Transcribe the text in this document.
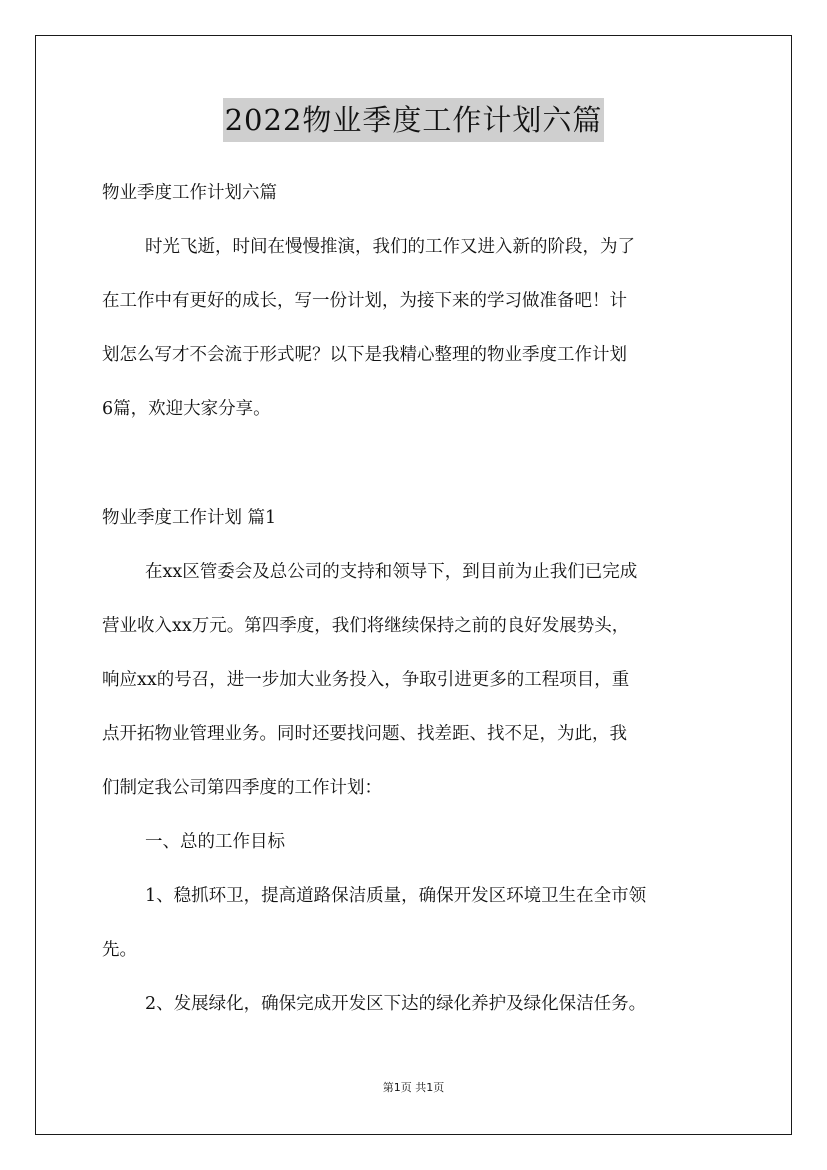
2022物业季度工作计划六篇
物业季度工作计划六篇
时光飞逝，时间在慢慢推演，我们的工作又进入新的阶段，为了
在工作中有更好的成长，写一份计划，为接下来的学习做准备吧！计
划怎么写才不会流于形式呢？以下是我精心整理的物业季度工作计划
6篇，欢迎大家分享。
物业季度工作计划 篇1
在xx区管委会及总公司的支持和领导下，到目前为止我们已完成
营业收入xx万元。第四季度，我们将继续保持之前的良好发展势头，
响应xx的号召，进一步加大业务投入，争取引进更多的工程项目，重
点开拓物业管理业务。同时还要找问题、找差距、找不足，为此，我
们制定我公司第四季度的工作计划：
一、总的工作目标
1、稳抓环卫，提高道路保洁质量，确保开发区环境卫生在全市领
先。
2、发展绿化，确保完成开发区下达的绿化养护及绿化保洁任务。
第1页 共1页
